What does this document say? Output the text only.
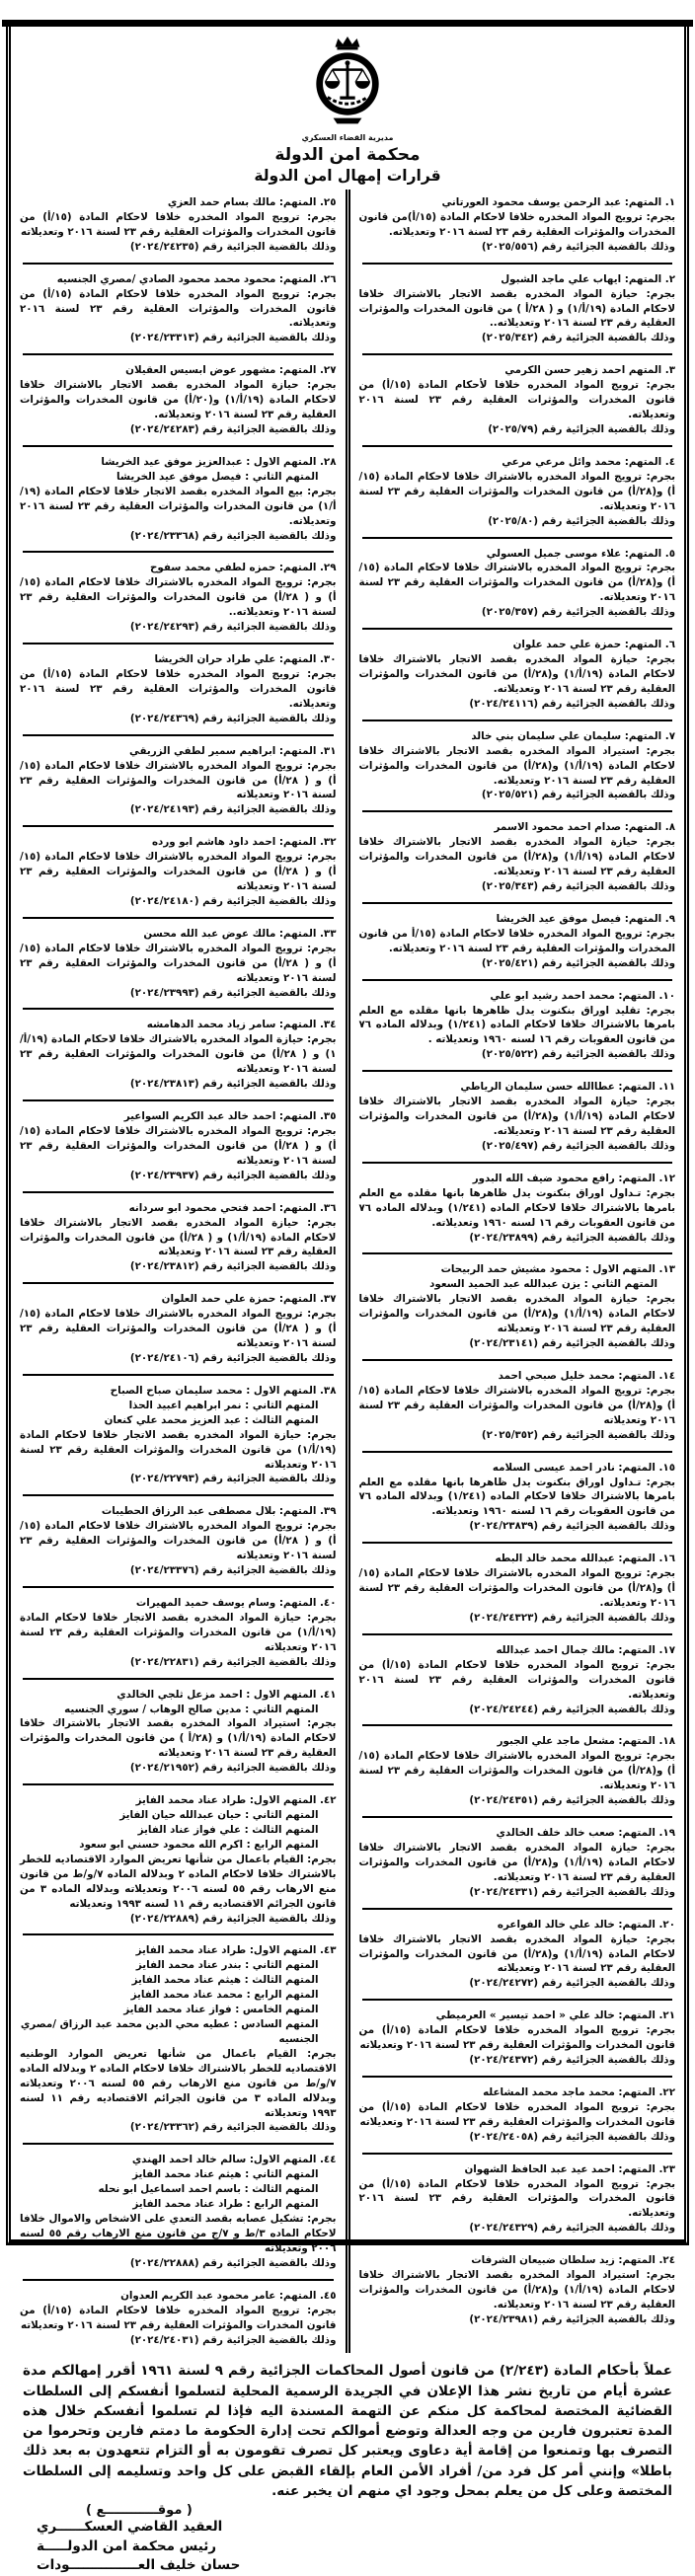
مديرية القضاء العسكري
محكمة امن الدولة
قرارات إمهال امن الدولة
١. المتهم: عبد الرحمن يوسف محمود العورتاني
بجرم: ترويج المواد المخدره خلافا لاحكام المادة (١٥/أ)من قانون المخدرات والمؤثرات العقلية رقم ٢٣ لسنة ٢٠١٦ وتعديلاته.
وذلك بالقضية الجزائية رقم (٢٠٢٥/٥٥٦)
٢. المتهم: ايهاب علي ماجد الشبول
بجرم: حيازة المواد المخدره بقصد الاتجار بالاشتراك خلافا لاحكام المادة (١٩/أ/١) و ( ٢٨/أ ) من قانون المخدرات والمؤثرات العقلية رقم ٢٣ لسنة ٢٠١٦ وتعديلاته..
وذلك بالقضية الجزائية رقم (٢٠٢٥/٣٤٢)
٣. المتهم احمد زهير حسن الكرمي
بجرم: ترويج المواد المخدره خلافا لأحكام المادة (١٥/أ) من قانون المخدرات والمؤثرات العقلية رقم ٢٣ لسنة ٢٠١٦ وتعديلاته.
وذلك بالقضية الجزائية رقم (٢٠٢٥/٧٩)
٤. المتهم: محمد وائل مرعي مرعي
بجرم: ترويج المواد المخدره بالاشتراك خلافا لاحكام المادة (١٥/أ) و(٢٨/أ) من قانون المخدرات والمؤثرات العقلية رقم ٢٣ لسنة ٢٠١٦ وتعديلاته.
وذلك بالقضية الجزائية رقم (٢٠٢٥/٨٠)
٥. المتهم: علاء موسى جميل العسولي
بجرم: ترويج المواد المخدره بالاشتراك خلافا لاحكام المادة (١٥/أ) و(٢٨/أ) من قانون المخدرات والمؤثرات العقلية رقم ٢٣ لسنة ٢٠١٦ وتعديلاته.
وذلك بالقضية الجزائية رقم (٢٠٢٥/٣٥٧)
٦. المتهم: حمزة علي حمد علوان
بجرم: حيازة المواد المخدره بقصد الاتجار بالاشتراك خلافا لاحكام المادة (١٩/أ/١) و(٢٨/أ) من قانون المخدرات والمؤثرات العقلية رقم ٢٣ لسنة ٢٠١٦ وتعديلاته.
وذلك بالقضية الجزائية رقم (٢٠٢٤/٢٤١١٦)
٧. المتهم: سليمان علي سليمان بني خالد
بجرم: استيراد المواد المخدره بقصد الاتجار بالاشتراك خلافا لاحكام المادة (١٩/أ/١) و(٢٨/أ) من قانون المخدرات والمؤثرات العقلية رقم ٢٣ لسنة ٢٠١٦ وتعديلاته.
وذلك بالقضية الجزائية رقم (٢٠٢٥/٥٢١)
٨. المتهم: صدام احمد محمود الاسمر
بجرم: حيازة المواد المخدره بقصد الاتجار بالاشتراك خلافا لاحكام المادة (١٩/أ/١) و(٢٨/أ) من قانون المخدرات والمؤثرات العقلية رقم ٢٣ لسنة ٢٠١٦ وتعديلاته.
وذلك بالقضية الجزائية رقم (٢٠٢٥/٣٤٣)
٩. المتهم: فيصل موفق عيد الخريشا
بجرم: ترويج المواد المخدره خلافا لاحكام المادة (١٥/أ من قانون المخدرات والمؤثرات العقلية رقم ٢٣ لسنة ٢٠١٦ وتعديلاته.
وذلك بالقضية الجزائية رقم (٢٠٢٥/٤٢١)
١٠. المتهم: محمد احمد رشيد ابو علي
بجرم: تقليد اوراق بنكنوت يدل ظاهرها بانها مقلده مع العلم بامرها بالاشتراك خلافا لاحكام الماده (١/٢٤١) وبدلاله الماده ٧٦ من قانون العقوبات رقم ١٦ لسنه ١٩٦٠ وتعديلاته .
وذلك بالقضية الجزائية رقم (٢٠٢٥/٥٢٢)
١١. المتهم: عطاالله حسن سليمان الرياطي
بجرم: حيازة المواد المخدره بقصد الاتجار بالاشتراك خلافا لاحكام المادة (١٩/أ/١) و(٢٨/أ) من قانون المخدرات والمؤثرات العقلية رقم ٢٣ لسنة ٢٠١٦ وتعديلاته.
وذلك بالقضية الجزائية رقم (٢٠٢٥/٤٩٧)
١٢. المتهم: رافع محمود ضيف الله البدور
بجرم: تـداول اوراق بنكنوت يدل ظاهرها بانها مقلده مع العلم بامرها بالاشتراك خلافا لاحكام الماده (١/٢٤١) وبدلاله الماده ٧٦ من قانون العقوبات رقم ١٦ لسنه ١٩٦٠ وتعديلاته.
وذلك بالقضية الجزائية رقم (٢٠٢٤/٢٣٨٩٩)
١٣. المتهم الاول : محمود مشيش حمد الربيحات
المتهم الثاني : يزن عبدالله عبد الحميد السعود
بجرم: حيازة المواد المخدره بقصد الاتجار بالاشتراك خلافا لاحكام المادة (١٩/أ/١) و(٢٨/أ) من قانون المخدرات والمؤثرات العقلية رقم ٢٣ لسنة ٢٠١٦ وتعديلاته
وذلك بالقضية الجزائية رقم (٢٠٢٤/٢٣١٤١)
١٤. المتهم: محمد خليل صبحي احمد
بجرم: ترويج المواد المخدره بالاشتراك خلافا لاحكام المادة (١٥/أ) و(٢٨/أ) من قانون المخدرات والمؤثرات العقلية رقم ٢٣ لسنة ٢٠١٦ وتعديلاته
وذلك بالقضية الجزائية رقم (٢٠٢٥/٣٥٢)
١٥. المتهم: نادر احمد عيسى السلامه
بجرم: تـداول اوراق بنكنوت يدل ظاهرها بانها مقلده مع العلم بامرها بالاشتراك خلافا لاحكام الماده (١/٢٤١) وبدلاله الماده ٧٦ من قانون العقوبات رقم ١٦ لسنه ١٩٦٠ وتعديلاته.
وذلك بالقضية الجزائية رقم (٢٠٢٤/٢٣٨٣٩)
١٦. المتهم: عبدالله محمد خالد البطه
بجرم: ترويج المواد المخدره بالاشتراك خلافا لاحكام المادة (١٥/أ) و(٢٨/أ) من قانون المخدرات والمؤثرات العقلية رقم ٢٣ لسنة ٢٠١٦ وتعديلاته.
وذلك بالقضية الجزائية رقم (٢٠٢٤/٢٤٣٢٣)
١٧. المتهم: مالك جمال احمد عبدالله
بجرم: ترويج المواد المخدره خلافا لاحكام المادة (١٥/أ) من قانون المخدرات والمؤثرات العقلية رقم ٢٣ لسنة ٢٠١٦ وتعديلاته.
وذلك بالقضية الجزائية رقم (٢٠٢٤/٢٤٢٤٤)
١٨. المتهم: مشعل ماجد علي الجبور
بجرم: ترويج المواد المخدره بالاشتراك خلافا لاحكام المادة (١٥/أ) و(٢٨/أ) من قانون المخدرات والمؤثرات العقلية رقم ٢٣ لسنة ٢٠١٦ وتعديلاته.
وذلك بالقضية الجزائية رقم (٢٠٢٤/٢٤٣٥١)
١٩. المتهم: صعب خالد خلف الخالدي
بجرم: حيازة المواد المخدره بقصد الاتجار بالاشتراك خلافا لاحكام المادة (١٩/أ/١) و(٢٨/أ) من قانون المخدرات والمؤثرات العقلية رقم ٢٣ لسنة ٢٠١٦ وتعديلاته.
وذلك بالقضية الجزائية رقم (٢٠٢٤/٢٤٣٣١)
٢٠. المتهم: خالد علي خالد الفواعره
بجرم: حيازة المواد المخدره بقصد الاتجار بالاشتراك خلافا لاحكام المادة (١٩/أ/١) و(٢٨/أ) من قانون المخدرات والمؤثرات العقلية رقم ٢٣ لسنة ٢٠١٦ وتعديلاته
وذلك بالقضية الجزائية رقم (٢٠٢٤/٢٤٢٧٢)
٢١. المتهم: خالد علي « احمد تيسير » العرميطي
بجرم: ترويج المواد المخدره خلافا لاحكام المادة (١٥/أ) من قانون المخدرات والمؤثرات العقلية رقم ٢٣ لسنة ٢٠١٦ وتعديلاته
وذلك بالقضية الجزائية رقم (٢٠٢٤/٢٤٣٧٢)
٢٢. المتهم: محمد ماجد محمد المشاعله
بجرم: ترويج المواد المخدره خلافا لاحكام المادة (١٥/أ) من قانون المخدرات والمؤثرات العقلية رقم ٢٣ لسنة ٢٠١٦ وتعديلاته
وذلك بالقضية الجزائية رقم (٢٠٢٤/٢٤٠٥٨)
٢٣. المتهم: احمد عيد عبد الحافظ الشهوان
بجرم: ترويج المواد المخدره خلافا لاحكام المادة (١٥/أ) من قانون المخدرات والمؤثرات العقلية رقم ٢٣ لسنة ٢٠١٦ وتعديلاته.
وذلك بالقضية الجزائية رقم (٢٠٢٤/٢٤٣٢٩)
٢٤. المتهم: زيد سلطان ضبيعان الشرفات
بجرم: استيراد المواد المخدره بقصد الاتجار بالاشتراك خلافا لاحكام المادة (١٩/أ/١) و(٢٨/أ) من قانون المخدرات والمؤثرات العقلية رقم ٢٣ لسنة ٢٠١٦ وتعديلاته.
وذلك بالقضية الجزائية رقم (٢٠٢٤/٢٣٩٨١)
٢٥. المتهم: مالك بسام حمد العزي
بجرم: ترويج المواد المخدره خلافا لاحكام المادة (١٥/أ) من قانون المخدرات والمؤثرات العقلية رقم ٢٣ لسنة ٢٠١٦ وتعديلاته
وذلك بالقضية الجزائية رقم (٢٠٢٤/٢٤٢٣٥)
٢٦. المتهم: محمود محمد محمود الصادي /مصري الجنسيه
بجرم: ترويج المواد المخدره خلافا لاحكام المادة (١٥/أ) من قانون المخدرات والمؤثرات العقلية رقم ٢٣ لسنة ٢٠١٦ وتعديلاته.
وذلك بالقضية الجزائية رقم (٢٠٢٤/٢٣٣١٣)
٢٧. المتهم: مشهور عوض ابسيس العقيلان
بجرم: حيازة المواد المخدره بقصد الاتجار بالاشتراك خلافا لاحكام المادة (١٩/أ/١) و(٢٠/أ) من قانون المخدرات والمؤثرات العقلية رقم ٢٣ لسنة ٢٠١٦ وتعديلاته.
وذلك بالقضية الجزائية رقم (٢٠٢٤/٢٤٢٨٣)
٢٨. المتهم الاول : عبدالعزيز موفق عيد الخريشا
المتهم الثاني : فيصل موفق عيد الخريشا
بجرم: بيع المواد المخدره بقصد الاتجار خلافا لاحكام المادة (١٩/أ/١) من قانون المخدرات والمؤثرات العقلية رقم ٢٣ لسنة ٢٠١٦ وتعديلاته.
وذلك بالقضية الجزائية رقم (٢٠٢٤/٢٣٣٦٨)
٢٩. المتهم: حمزه لطفي محمد سفوح
بجرم: ترويج المواد المخدره بالاشتراك خلافا لاحكام المادة (١٥/أ) و ( ٢٨/أ) من قانون المخدرات والمؤثرات العقلية رقم ٢٣ لسنة ٢٠١٦ وتعديلاته..
وذلك بالقضية الجزائية رقم (٢٠٢٤/٢٤٢٩٣)
٣٠. المتهم: علي طراد حران الخريشا
بجرم: ترويج المواد المخدره خلافا لاحكام المادة (١٥/أ) من قانون المخدرات والمؤثرات العقلية رقم ٢٣ لسنة ٢٠١٦ وتعديلاته.
وذلك بالقضية الجزائية رقم (٢٠٢٤/٢٤٣٦٩)
٣١. المتهم: ابراهيم سمير لطفي الزريقي
بجرم: ترويج المواد المخدره بالاشتراك خلافا لاحكام المادة (١٥/أ) و ( ٢٨/أ) من قانون المخدرات والمؤثرات العقلية رقم ٢٣ لسنة ٢٠١٦ وتعديلاته
وذلك بالقضية الجزائية رقم (٢٠٢٤/٢٤١٩٣)
٣٢. المتهم: احمد داود هاشم ابو ورده
بجرم: ترويج المواد المخدره بالاشتراك خلافا لاحكام المادة (١٥/أ) و ( ٢٨/أ) من قانون المخدرات والمؤثرات العقلية رقم ٢٣ لسنة ٢٠١٦ وتعديلاته
وذلك بالقضية الجزائية رقم (٢٠٢٤/٢٤١٨٠)
٣٣. المتهم: مالك عوض عبد الله محسن
بجرم: ترويج المواد المخدره بالاشتراك خلافا لاحكام المادة (١٥/أ) و ( ٢٨/أ) من قانون المخدرات والمؤثرات العقلية رقم ٢٣ لسنة ٢٠١٦ وتعديلاته
وذلك بالقضية الجزائية رقم (٢٠٢٤/٢٣٩٩٣)
٣٤. المتهم: سامر زياد محمد الدهامشه
بجرم: حيازة المواد المخدره بالاشتراك خلافا لاحكام المادة (١٩/أ/١) و ( ٢٨/أ) من قانون المخدرات والمؤثرات العقلية رقم ٢٣ لسنة ٢٠١٦ وتعديلاته
وذلك بالقضية الجزائية رقم (٢٠٢٤/٢٣٨١٣)
٣٥. المتهم: احمد خالد عبد الكريم السواعير
بجرم: ترويج المواد المخدره بالاشتراك خلافا لاحكام المادة (١٥/أ) و ( ٢٨/أ) من قانون المخدرات والمؤثرات العقلية رقم ٢٣ لسنة ٢٠١٦ وتعديلاته
وذلك بالقضية الجزائية رقم (٢٠٢٤/٢٣٩٣٧)
٣٦. المتهم: احمد فتحي محمود ابو سردانه
بجرم: حيازة المواد المخدره بقصد الاتجار بالاشتراك خلافا لاحكام المادة (١٩/أ/١) و ( ٢٨/أ) من قانون المخدرات والمؤثرات العقلية رقم ٢٣ لسنة ٢٠١٦ وتعديلاته
وذلك بالقضية الجزائية رقم (٢٠٢٤/٢٣٨١٢)
٣٧. المتهم: حمزة علي حمد العلوان
بجرم: ترويج المواد المخدره بالاشتراك خلافا لاحكام المادة (١٥/أ) و ( ٢٨/أ) من قانون المخدرات والمؤثرات العقلية رقم ٢٣ لسنة ٢٠١٦ وتعديلاته
وذلك بالقضية الجزائية رقم (٢٠٢٤/٢٤١٠٦)
٣٨. المتهم الاول : محمد سليمان صباح الصباح
المتهم الثاني : نمر ابراهيم اعبيد الحذا
المتهم الثالث : عبد العزيز محمد علي كنعان
بجرم: حيازة المواد المخدره بقصد الاتجار خلافا لاحكام المادة (١٩/أ/١) من قانون المخدرات والمؤثرات العقلية رقم ٢٣ لسنة ٢٠١٦ وتعديلاته
وذلك بالقضية الجزائية رقم (٢٠٢٤/٢٢٧٩٣)
٣٩. المتهم: بلال مصطفى عبد الرزاق الحطيبات
بجرم: ترويج المواد المخدره بالاشتراك خلافا لاحكام المادة (١٥/أ) و ( ٢٨/أ) من قانون المخدرات والمؤثرات العقلية رقم ٢٣ لسنة ٢٠١٦ وتعديلاته
وذلك بالقضية الجزائية رقم (٢٠٢٤/٢٣٣٧٦)
٤٠. المتهم: وسام يوسف حميد المهيرات
بجرم: حيازة المواد المخدره بقصد الاتجار خلافا لاحكام المادة (١٩/أ/١) من قانون المخدرات والمؤثرات العقلية رقم ٢٣ لسنة ٢٠١٦ وتعديلاته
وذلك بالقضية الجزائية رقم (٢٠٢٤/٢٢٨٣١)
٤١. المتهم الاول : احمد مزعل ثلجي الخالدي
المتهم الثاني : مدين صالح الوهاب / سوري الجنسيه
بجرم: استيراد المواد المخدره بقصد الاتجار بالاشتراك خلافا لاحكام المادة (١٩/أ/١) و (٢٨/أ ) من قانون المخدرات والمؤثرات العقلية رقم ٢٣ لسنة ٢٠١٦ وتعديلاته
وذلك بالقضية الجزائية رقم (٢٠٢٤/٢١٩٥٢)
٤٢. المتهم الاول: طراد عناد محمد الفايز
المتهم الثاني : حيان عبدالله حيان الفايز
المتهم الثالث : علي فواز عناد الفايز
المتهم الرابع : اكرم الله محمود حسني ابو سعود
بجرم: القيام باعمال من شأنها تعريض الموارد الاقتصاديه للخطر بالاشتراك خلافا لاحكام الماده ٢ وبدلاله الماده ٧/و/ط من قانون منع الارهاب رقم ٥٥ لسنه ٢٠٠٦ وتعديلاته وبدلاله الماده ٣ من قانون الجرائم الاقتصاديه رقم ١١ لسنه ١٩٩٣ وتعديلاته
وذلك بالقضية الجزائية رقم (٢٠٢٤/٢٢٨٨٩)
٤٣. المتهم الاول: طراد عناد محمد الفايز
المتهم الثاني : بندر عناد محمد الفايز
المتهم الثالث : هيثم عناد محمد الفايز
المتهم الرابع : محمد عناد محمد الفايز
المتهم الخامس : فواز عناد محمد الفايز
المتهم السادس : عطيه محي الدين محمد عبد الرزاق /مصري الجنسيه
بجرم: القيام باعمال من شأنها تعريض الموارد الوطنيه الاقتصاديه للخطر بالاشتراك خلافا لاحكام الماده ٢ وبدلاله الماده ٧/و/ط من قانون منع الارهاب رقم ٥٥ لسنه ٢٠٠٦ وتعديلاته وبدلاله الماده ٣ من قانون الجرائم الاقتصاديه رقم ١١ لسنه ١٩٩٣ وتعديلاته
وذلك بالقضية الجزائية رقم (٢٠٢٤/٢٣٣٦٢)
٤٤. المتهم الاول: سالم خالد احمد الهندي
المتهم الثاني : هيثم عناد محمد الفايز
المتهم الثالث : باسم احمد اسماعيل ابو نحله
المتهم الرابع : طراد عناد محمد الفايز
بجرم: تشكيل عصابه بقصد التعدي على الاشخاص والاموال خلافا لاحكام الماده ٣/ط و ٧/ج من قانون منع الارهاب رقم ٥٥ لسنه ٢٠٠٦ وتعديلاته
وذلك بالقضية الجزائية رقم (٢٠٢٤/٢٢٨٨٨)
٤٥. المتهم: عامر محمود عبد الكريم العدوان
بجرم: ترويج المواد المخدره خلافا لاحكام المادة (١٥/أ) من قانون المخدرات والمؤثرات العقلية رقم ٢٣ لسنة ٢٠١٦ وتعديلاته
وذلك بالقضية الجزائية رقم (٢٠٢٤/٢٤٠٣١)

عملاً بأحكام المادة (٢/٢٤٣) من قانون أصول المحاكمات الجزائية رقم ٩ لسنة ١٩٦١ أقرر إمهالكم مدة عشرة أيام من تاريخ نشر هذا الإعلان في الجريدة الرسمية المحلية لتسلموا أنفسكم إلى السلطات القضائية المختصة لمحاكمة كل منكم عن التهمة المسندة اليه فإذا لم تسلموا أنفسكم خلال هذه المدة تعتبرون فارين من وجه العدالة وتوضع أموالكم تحت إدارة الحكومة ما دمتم فارين وتحرموا من التصرف بها وتمنعوا من إقامة أية دعاوى ويعتبر كل تصرف تقومون به أو التزام تتعهدون به بعد ذلك باطلا» وإنني أمر كل فرد من/ أفراد الأمن العام بإلقاء القبض على كل واحد وتسليمه إلى السلطات المختصة وعلى كل من يعلم بمحل وجود اي منهم ان يخبر عنه.

( موقــــــــــــع )
العقيد القاضي العسكــــــري
رئيس محكمة امن الدولـــــة
حسان خليف العـــــــــــــــودات
